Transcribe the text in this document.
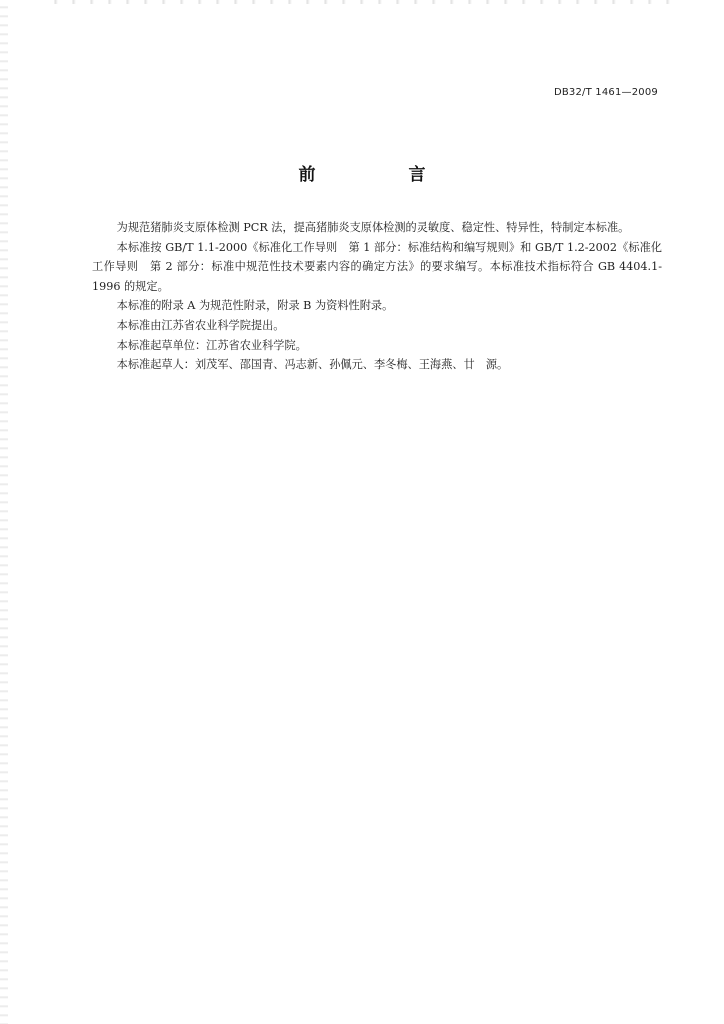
DB32/T 1461—2009
前　言

为规范猪肺炎支原体检测 PCR 法，提高猪肺炎支原体检测的灵敏度、稳定性、特异性，特制定本标准。

本标准按 GB/T 1.1-2000《标准化工作导则　第 1 部分：标准结构和编写规则》和 GB/T 1.2-2002《标准化工作导则　第 2 部分：标准中规范性技术要素内容的确定方法》的要求编写。本标准技术指标符合 GB 4404.1-1996 的规定。

本标准的附录 A 为规范性附录，附录 B 为资料性附录。

本标准由江苏省农业科学院提出。

本标准起草单位：江苏省农业科学院。

本标准起草人：刘茂军、邵国青、冯志新、孙佩元、李冬梅、王海燕、廿　源。
